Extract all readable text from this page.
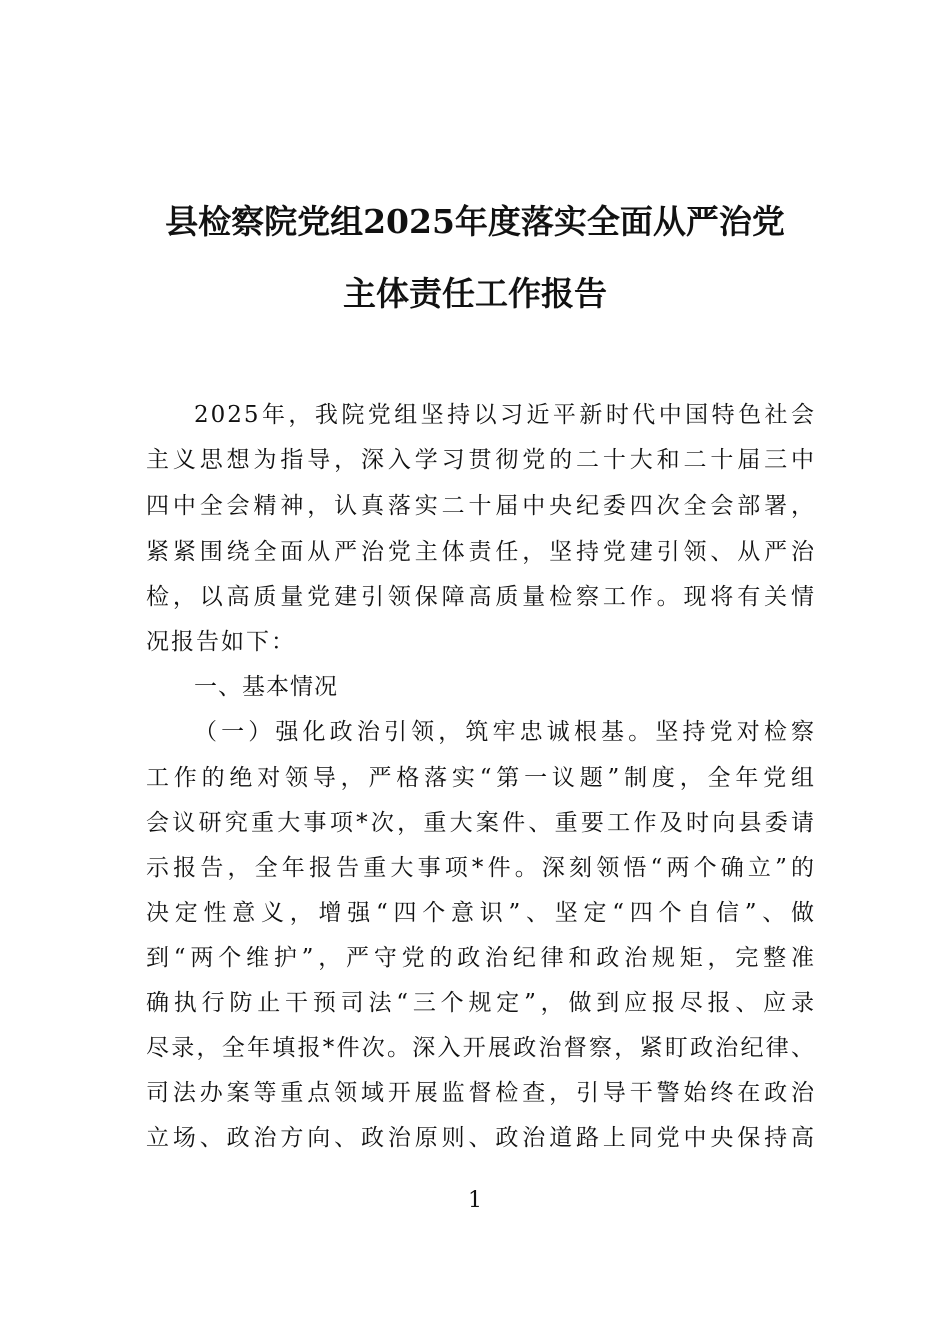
县检察院党组2025年度落实全面从严治党
主体责任工作报告
2025年，我院党组坚持以习近平新时代中国特色社会
主义思想为指导，深入学习贯彻党的二十大和二十届三中
四中全会精神，认真落实二十届中央纪委四次全会部署，
紧紧围绕全面从严治党主体责任，坚持党建引领、从严治
检，以高质量党建引领保障高质量检察工作。现将有关情
况报告如下：
一、基本情况
（一）强化政治引领，筑牢忠诚根基。坚持党对检察
工作的绝对领导，严格落实“第一议题”制度，全年党组
会议研究重大事项*次，重大案件、重要工作及时向县委请
示报告，全年报告重大事项*件。深刻领悟“两个确立”的
决定性意义，增强“四个意识”、坚定“四个自信”、做
到“两个维护”，严守党的政治纪律和政治规矩，完整准
确执行防止干预司法“三个规定”，做到应报尽报、应录
尽录，全年填报*件次。深入开展政治督察，紧盯政治纪律、
司法办案等重点领域开展监督检查，引导干警始终在政治
立场、政治方向、政治原则、政治道路上同党中央保持高
1
